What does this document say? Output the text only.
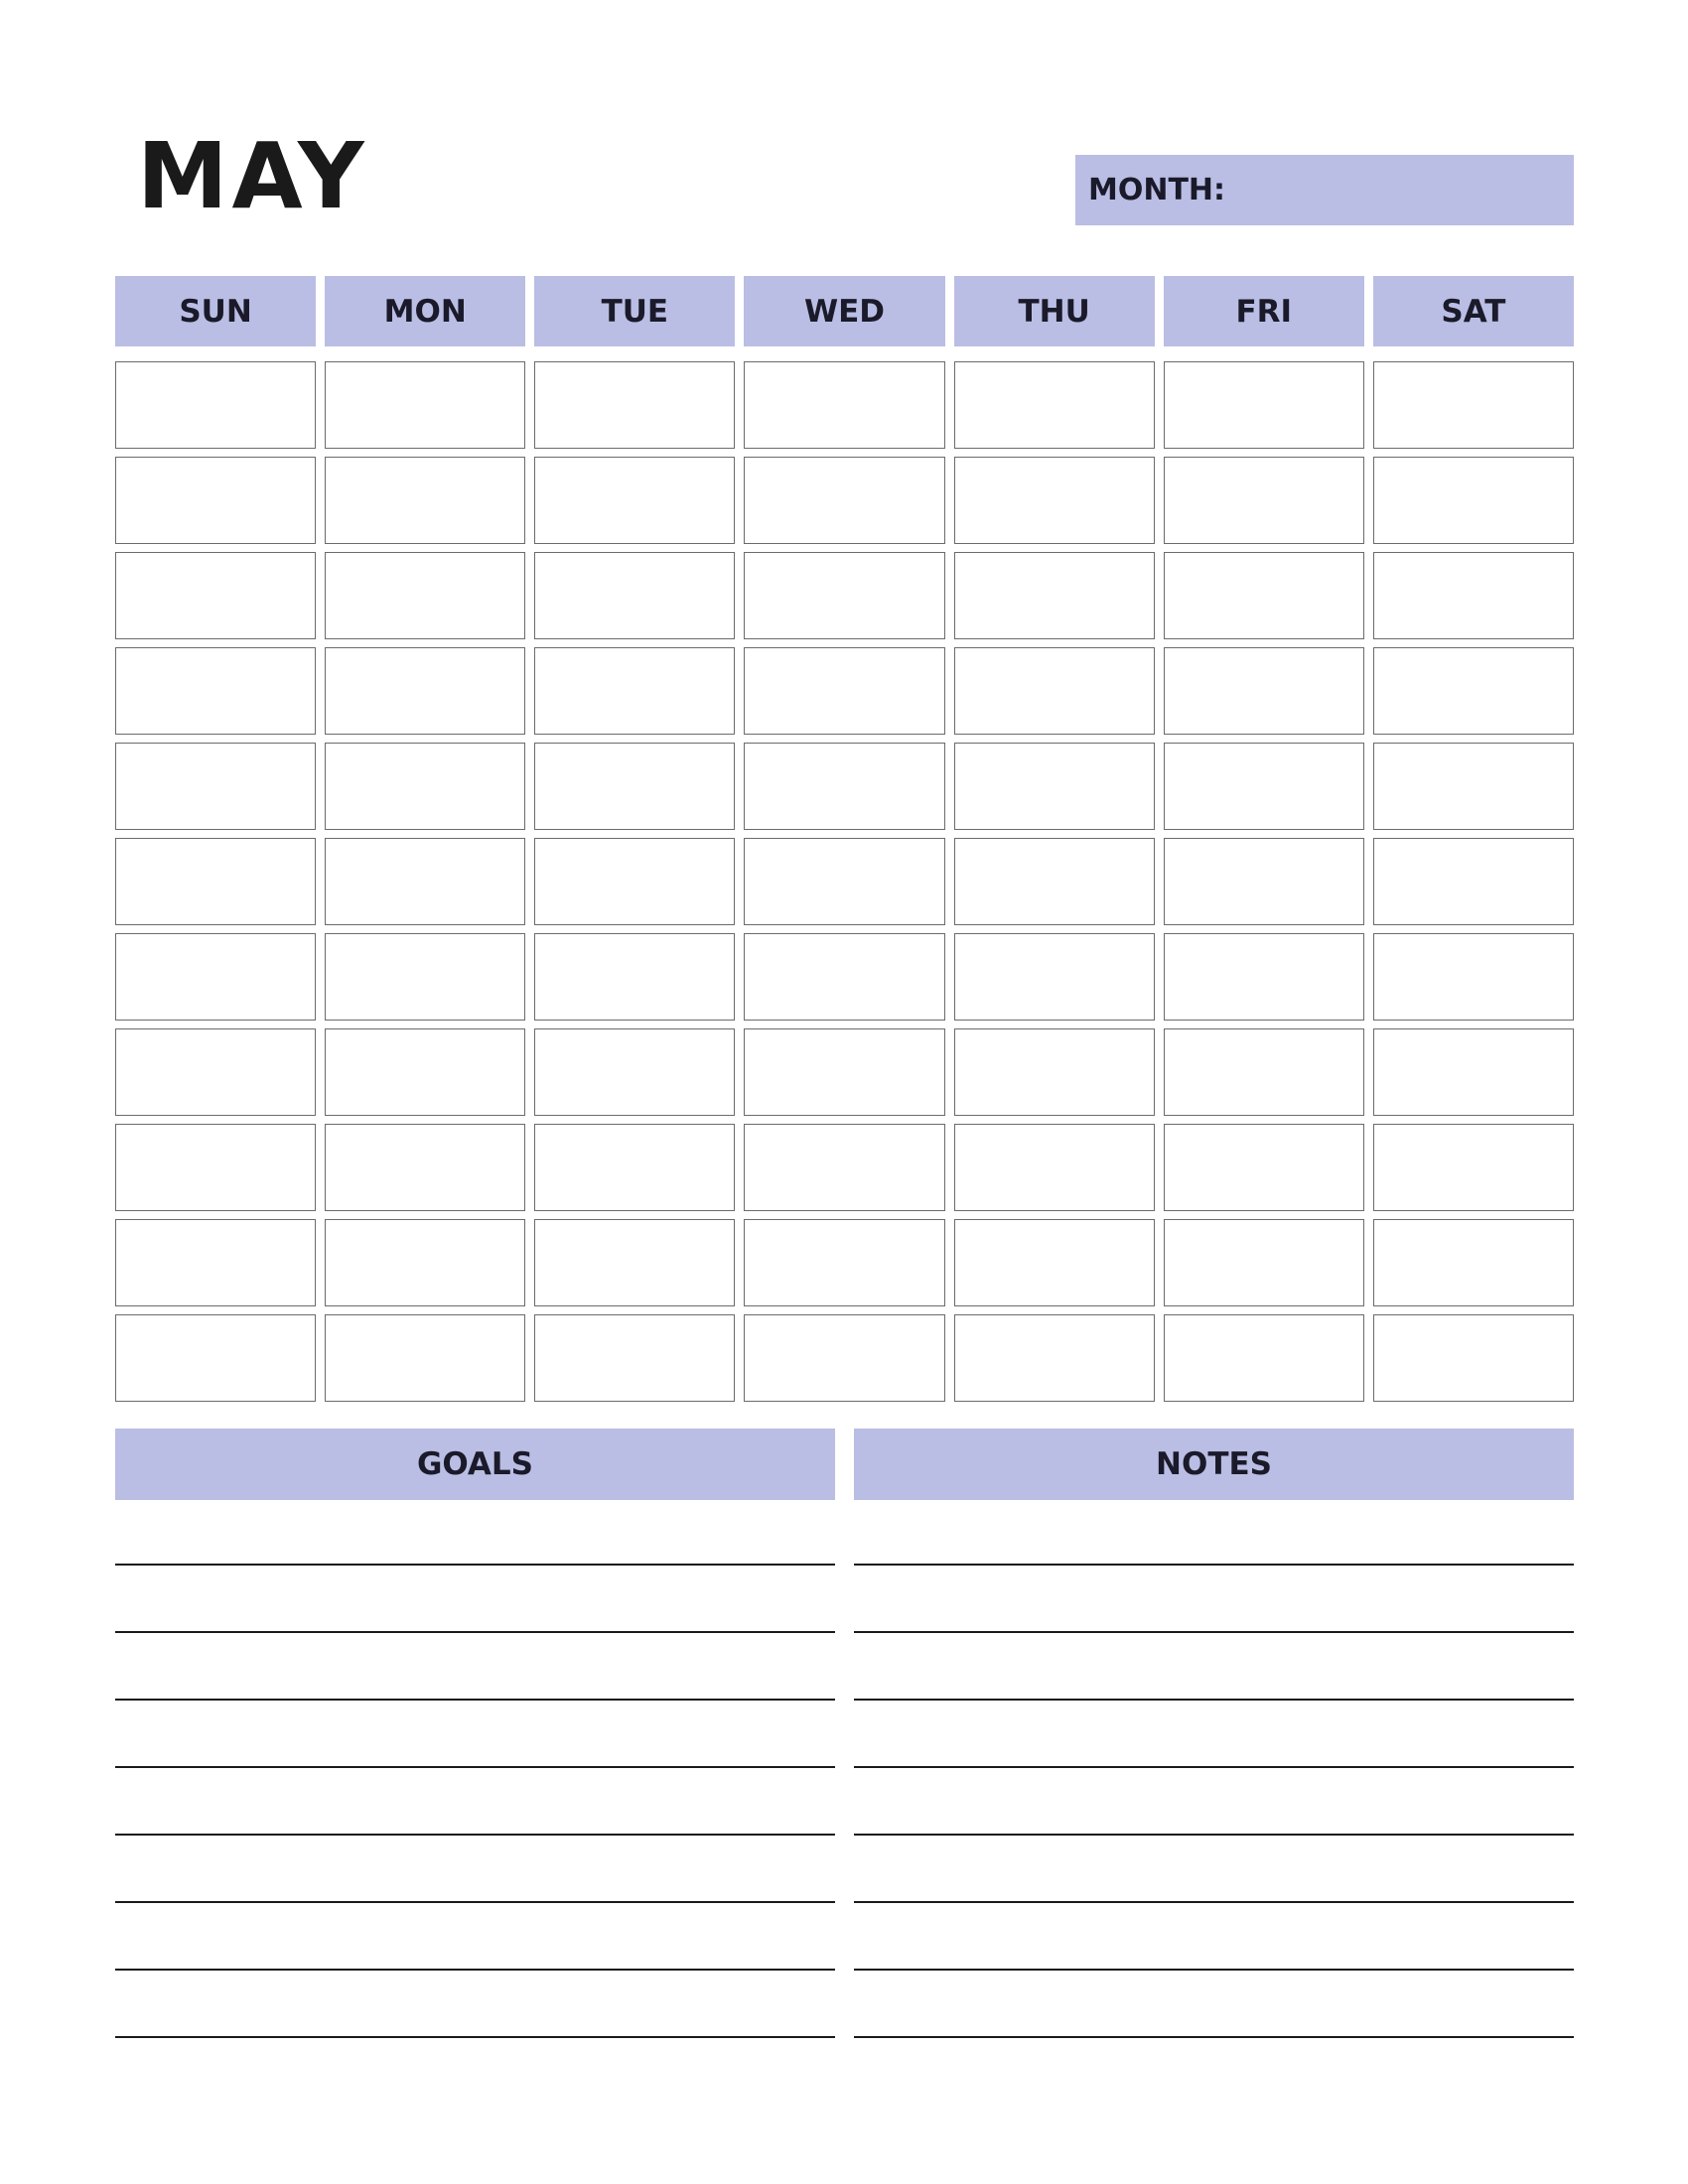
MAY	MONTH:
SUN	MON	TUE	WED	THU	FRI	SAT
GOALS	NOTES
